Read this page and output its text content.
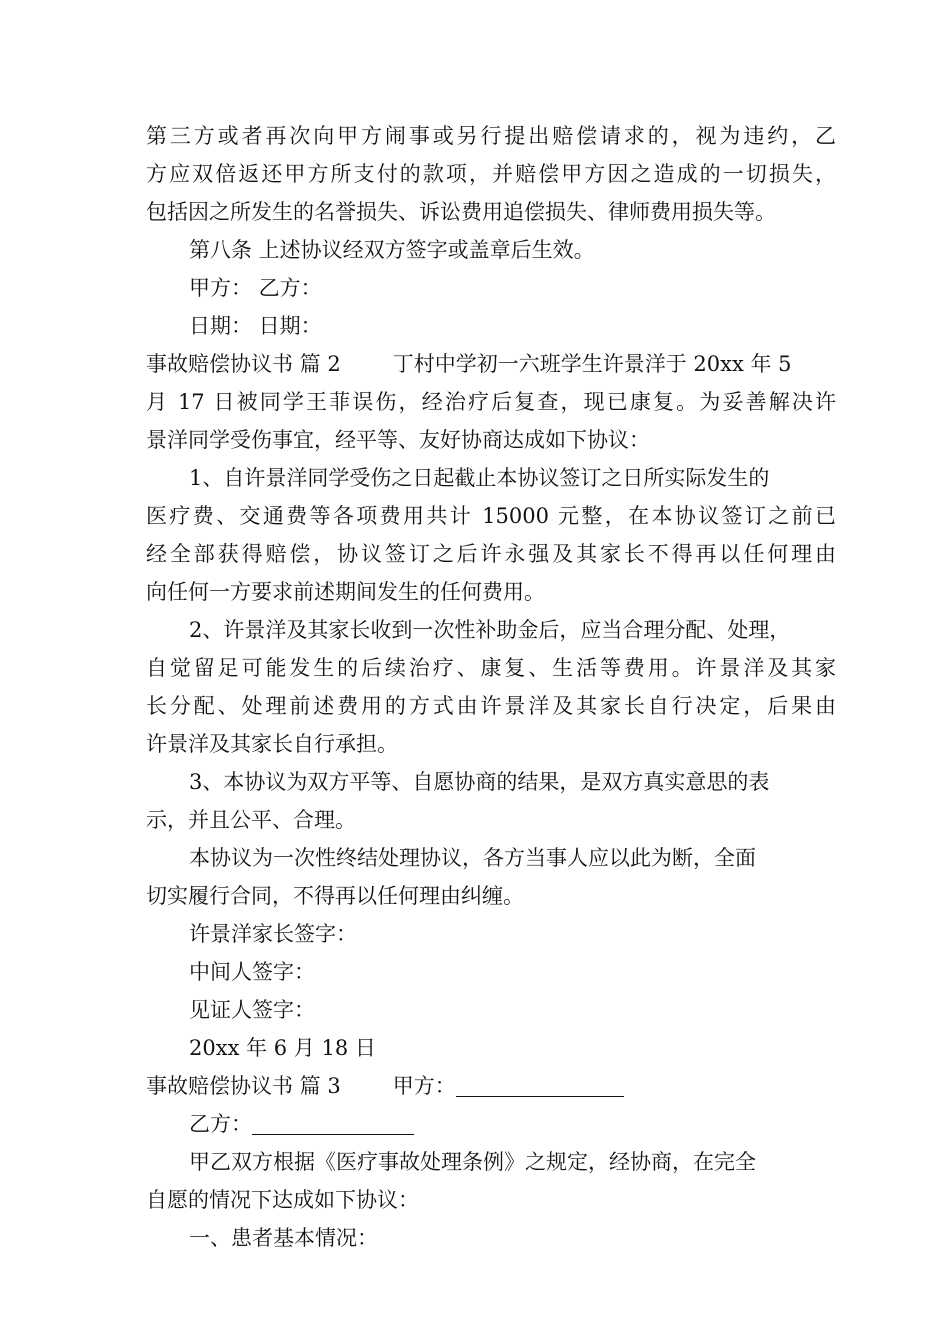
第三方或者再次向甲方闹事或另行提出赔偿请求的，视为违约，乙
方应双倍返还甲方所支付的款项，并赔偿甲方因之造成的一切损失，
包括因之所发生的名誉损失、诉讼费用追偿损失、律师费用损失等。
第八条 上述协议经双方签字或盖章后生效。
甲方： 乙方：
日期： 日期：
事故赔偿协议书 篇 2 丁村中学初一六班学生许景洋于 20xx 年 5
月 17 日被同学王菲误伤，经治疗后复查，现已康复。为妥善解决许
景洋同学受伤事宜，经平等、友好协商达成如下协议：
1、自许景洋同学受伤之日起截止本协议签订之日所实际发生的
医疗费、交通费等各项费用共计 15000 元整，在本协议签订之前已
经全部获得赔偿，协议签订之后许永强及其家长不得再以任何理由
向任何一方要求前述期间发生的任何费用。
2、许景洋及其家长收到一次性补助金后，应当合理分配、处理，
自觉留足可能发生的后续治疗、康复、生活等费用。许景洋及其家
长分配、处理前述费用的方式由许景洋及其家长自行决定，后果由
许景洋及其家长自行承担。
3、本协议为双方平等、自愿协商的结果，是双方真实意思的表
示，并且公平、合理。
本协议为一次性终结处理协议，各方当事人应以此为断，全面
切实履行合同，不得再以任何理由纠缠。
许景洋家长签字：
中间人签字：
见证人签字：
20xx 年 6 月 18 日
事故赔偿协议书 篇 3 甲方：
乙方：
甲乙双方根据《医疗事故处理条例》之规定，经协商，在完全
自愿的情况下达成如下协议：
一、患者基本情况：
